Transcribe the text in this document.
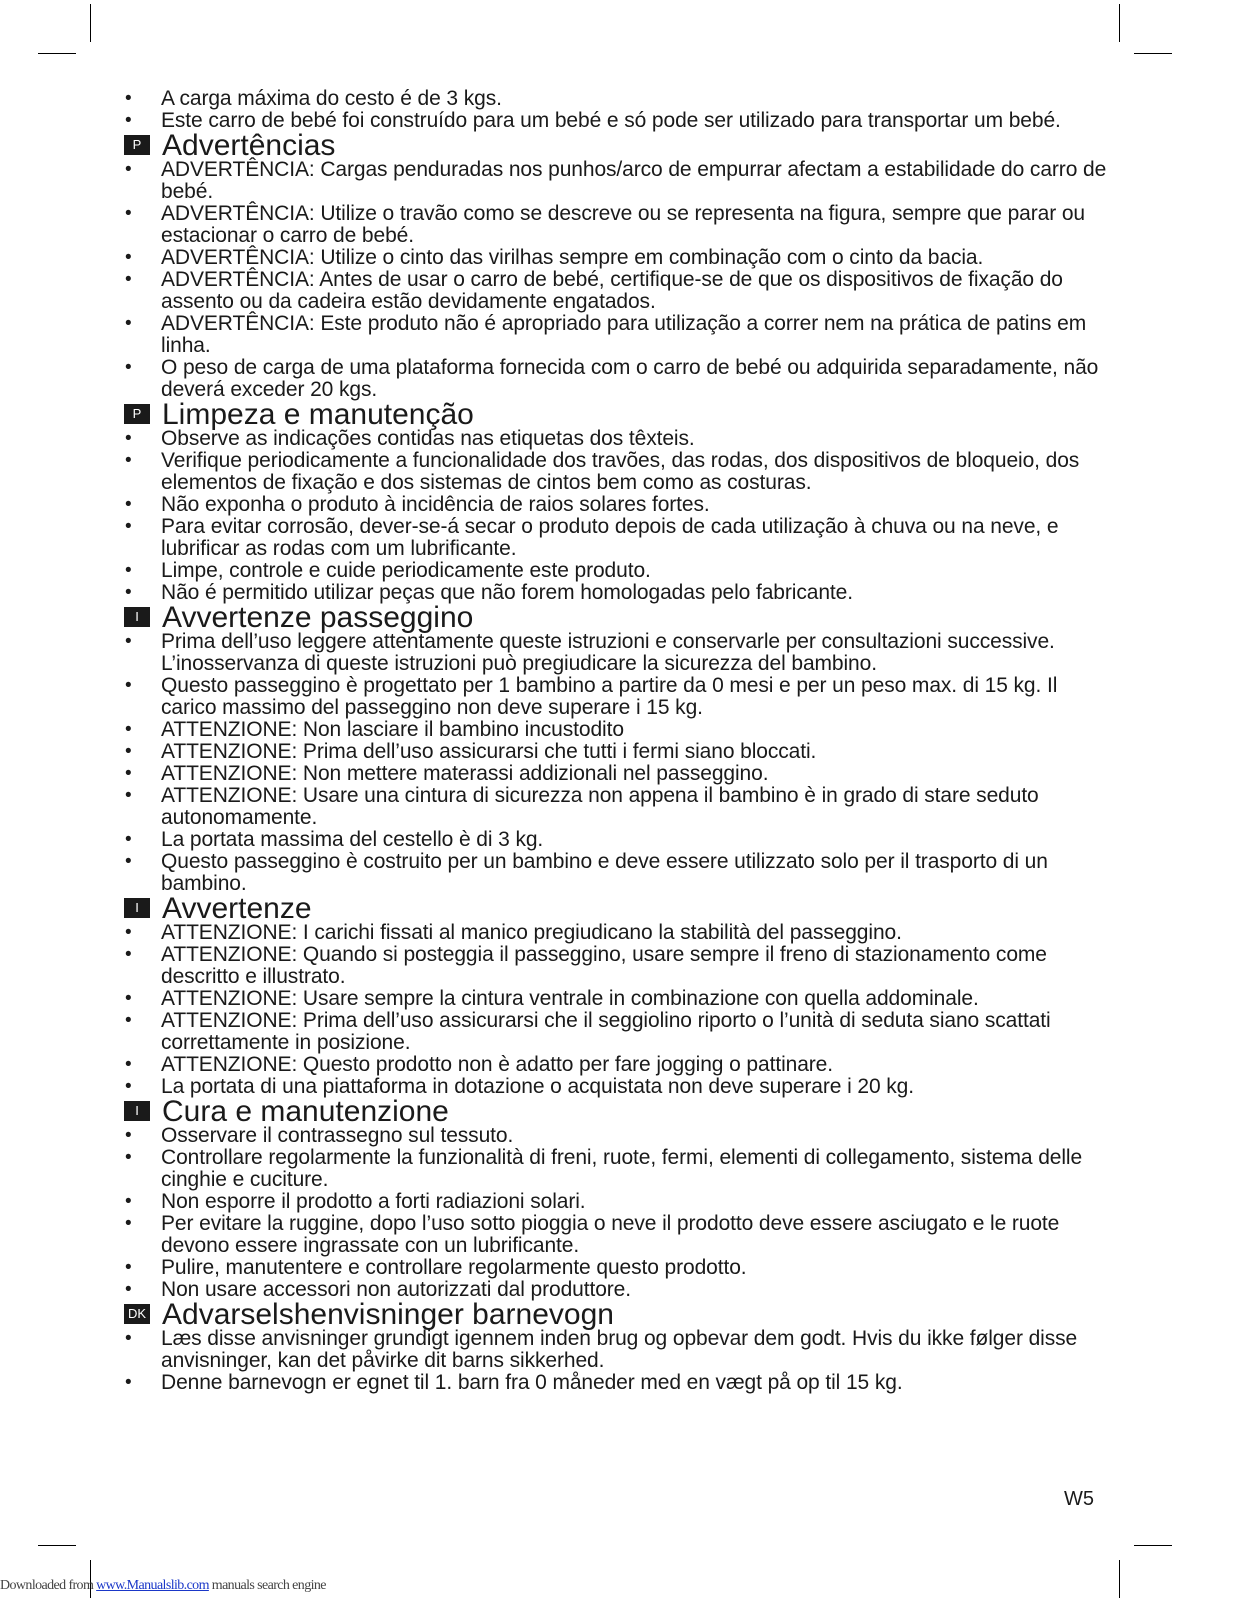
• A carga máxima do cesto é de 3 kgs.
• Este carro de bebé foi construído para um bebé e só pode ser utilizado para transportar um bebé.
P Advertências
• ADVERTÊNCIA: Cargas penduradas nos punhos/arco de empurrar afectam a estabilidade do carro de bebé.
• ADVERTÊNCIA: Utilize o travão como se descreve ou se representa na figura, sempre que parar ou estacionar o carro de bebé.
• ADVERTÊNCIA: Utilize o cinto das virilhas sempre em combinação com o cinto da bacia.
• ADVERTÊNCIA: Antes de usar o carro de bebé, certifique-se de que os dispositivos de fixação do assento ou da cadeira estão devidamente engatados.
• ADVERTÊNCIA: Este produto não é apropriado para utilização a correr nem na prática de patins em linha.
• O peso de carga de uma plataforma fornecida com o carro de bebé ou adquirida separadamente, não deverá exceder 20 kgs.
P Limpeza e manutenção
• Observe as indicações contidas nas etiquetas dos têxteis.
• Verifique periodicamente a funcionalidade dos travões, das rodas, dos dispositivos de bloqueio, dos elementos de fixação e dos sistemas de cintos bem como as costuras.
• Não exponha o produto à incidência de raios solares fortes.
• Para evitar corrosão, dever-se-á secar o produto depois de cada utilização à chuva ou na neve, e lubrificar as rodas com um lubrificante.
• Limpe, controle e cuide periodicamente este produto.
• Não é permitido utilizar peças que não forem homologadas pelo fabricante.
I Avvertenze passeggino
• Prima dell’uso leggere attentamente queste istruzioni e conservarle per consultazioni successive. L’inosservanza di queste istruzioni può pregiudicare la sicurezza del bambino.
• Questo passeggino è progettato per 1 bambino a partire da 0 mesi e per un peso max. di 15 kg. Il carico massimo del passeggino non deve superare i 15 kg.
• ATTENZIONE: Non lasciare il bambino incustodito
• ATTENZIONE: Prima dell’uso assicurarsi che tutti i fermi siano bloccati.
• ATTENZIONE: Non mettere materassi addizionali nel passeggino.
• ATTENZIONE: Usare una cintura di sicurezza non appena il bambino è in grado di stare seduto autonomamente.
• La portata massima del cestello è di 3 kg.
• Questo passeggino è costruito per un bambino e deve essere utilizzato solo per il trasporto di un bambino.
I Avvertenze
• ATTENZIONE: I carichi fissati al manico pregiudicano la stabilità del passeggino.
• ATTENZIONE: Quando si posteggia il passeggino, usare sempre il freno di stazionamento come descritto e illustrato.
• ATTENZIONE: Usare sempre la cintura ventrale in combinazione con quella addominale.
• ATTENZIONE: Prima dell’uso assicurarsi che il seggiolino riporto o l’unità di seduta siano scattati correttamente in posizione.
• ATTENZIONE: Questo prodotto non è adatto per fare jogging o pattinare.
• La portata di una piattaforma in dotazione o acquistata non deve superare i 20 kg.
I Cura e manutenzione
• Osservare il contrassegno sul tessuto.
• Controllare regolarmente la funzionalità di freni, ruote, fermi, elementi di collegamento, sistema delle cinghie e cuciture.
• Non esporre il prodotto a forti radiazioni solari.
• Per evitare la ruggine, dopo l’uso sotto pioggia o neve il prodotto deve essere asciugato e le ruote devono essere ingrassate con un lubrificante.
• Pulire, manutentere e controllare regolarmente questo prodotto.
• Non usare accessori non autorizzati dal produttore.
DK Advarselshenvisninger barnevogn
• Læs disse anvisninger grundigt igennem inden brug og opbevar dem godt. Hvis du ikke følger disse anvisninger, kan det påvirke dit barns sikkerhed.
• Denne barnevogn er egnet til 1. barn fra 0 måneder med en vægt på op til 15 kg.
W5
Downloaded from www.Manualslib.com manuals search engine
